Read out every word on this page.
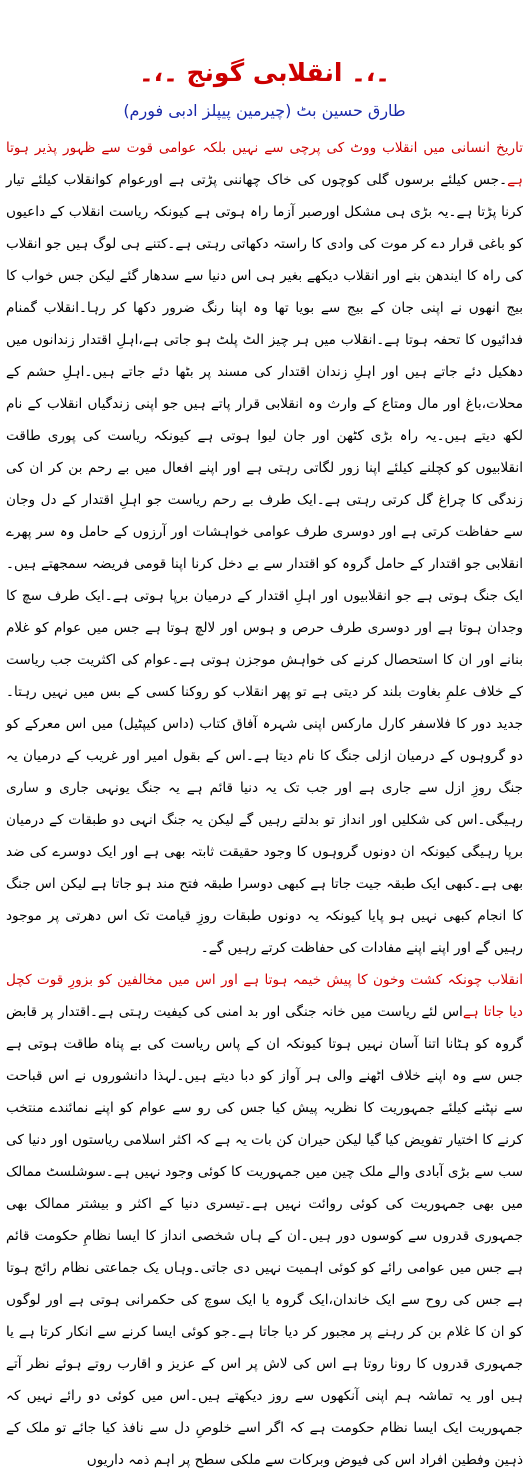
۔،۔ انقلابی گونج ۔،۔
طارق حسین بٹ (چیرمین پیپلز ادبی فورم)

تاریخ انسانی میں انقلاب ووٹ کی پرچی سے نہیں بلکہ عوامی قوت سے ظہور پذیر ہوتا ہے۔جس کیلئے برسوں گلی کوچوں کی خاک چھاننی پڑتی ہے اورعوام کوانقلاب کیلئے تیار کرنا پڑتا ہے۔یہ بڑی ہی مشکل اورصبر آزما راہ ہوتی ہے کیونکہ ریاست انقلاب کے داعیوں کو باغی قرار دے کر موت کی وادی کا راستہ دکھاتی رہتی ہے۔کتنے ہی لوگ ہیں جو انقلاب کی راہ کا ایندھن بنے اور انقلاب دیکھے بغیر ہی اس دنیا سے سدھار گئے لیکن جس خواب کا بیج انھوں نے اپنی جان کے بیج سے بویا تھا وہ اپنا رنگ ضرور دکھا کر رہا۔انقلاب گمنام فدائیوں کا تحفہ ہوتا ہے۔انقلاب میں ہر چیز الٹ پلٹ ہو جاتی ہے،اہلِ اقتدار زندانوں میں دھکیل دئے جاتے ہیں اور اہلِ زندان اقتدار کی مسند پر بٹھا دئے جاتے ہیں۔اہلِ حشم کے محلات،باغ اور مال ومتاع کے وارث وہ انقلابی قرار پاتے ہیں جو اپنی زندگیاں انقلاب کے نام لکھ دیتے ہیں۔یہ راہ بڑی کٹھن اور جان لیوا ہوتی ہے کیونکہ ریاست کی پوری طاقت انقلابیوں کو کچلنے کیلئے اپنا زور لگاتی رہتی ہے اور اپنے افعال میں بے رحم بن کر ان کی زندگی کا چراغ گل کرتی رہتی ہے۔ایک طرف بے رحم ریاست جو اہلِ اقتدار کے دل وجان سے حفاظت کرتی ہے اور دوسری طرف عوامی خواہشات اور آرزوں کے حامل وہ سر پھرے انقلابی جو اقتدار کے حامل گروہ کو اقتدار سے بے دخل کرنا اپنا قومی فریضہ سمجھتے ہیں۔ایک جنگ ہوتی ہے جو انقلابیوں اور اہلِ اقتدار کے درمیان برپا ہوتی ہے۔ایک طرف سچ کا وجدان ہوتا ہے اور دوسری طرف حرص و ہوس اور لالچ ہوتا ہے جس میں عوام کو غلام بنانے اور ان کا استحصال کرنے کی خواہش موجزن ہوتی ہے۔عوام کی اکثریت جب ریاست کے خلاف علمِ بغاوت بلند کر دیتی ہے تو پھر انقلاب کو روکنا کسی کے بس میں نہیں رہتا۔جدید دور کا فلاسفر کارل مارکس اپنی شہرہ آفاق کتاب (داس کیپٹیل) میں اس معرکے کو دو گروہوں کے درمیان ازلی جنگ کا نام دیتا ہے۔اس کے بقول امیر اور غریب کے درمیان یہ جنگ روزِ ازل سے جاری ہے اور جب تک یہ دنیا قائم ہے یہ جنگ یونہی جاری و ساری رہیگی۔اس کی شکلیں اور انداز تو بدلتے رہیں گے لیکن یہ جنگ انہی دو طبقات کے درمیان برپا رہیگی کیونکہ ان دونوں گروہوں کا وجود حقیقت ثابتہ بھی ہے اور ایک دوسرے کی ضد بھی ہے۔کبھی ایک طبقہ جیت جاتا ہے کبھی دوسرا طبقہ فتح مند ہو جاتا ہے لیکن اس جنگ کا انجام کبھی نہیں ہو پایا کیونکہ یہ دونوں طبقات روزِ قیامت تک اس دھرتی پر موجود رہیں گے اور اپنے اپنے مفادات کی حفاظت کرتے رہیں گے۔

انقلاب چونکہ کشت وخون کا پیش خیمہ ہوتا ہے اور اس میں مخالفین کو بزورِ قوت کچل دیا جاتا ہےاس لئے ریاست میں خانہ جنگی اور بد امنی کی کیفیت رہتی ہے۔اقتدار پر قابض گروہ کو ہٹانا اتنا آسان نہیں ہوتا کیونکہ ان کے پاس ریاست کی بے پناہ طاقت ہوتی ہے جس سے وہ اپنے خلاف اٹھنے والی ہر آواز کو دبا دیتے ہیں۔لہذا دانشوروں نے اس قباحت سے نپٹنے کیلئے جمہوریت کا نظریہ پیش کیا جس کی رو سے عوام کو اپنے نمائندے منتخب کرنے کا اختیار تفویض کیا گیا لیکن حیران کن بات یہ ہے کہ اکثر اسلامی ریاستوں اور دنیا کی سب سے بڑی آبادی والے ملک چین میں جمہوریت کا کوئی وجود نہیں ہے۔سوشلسٹ ممالک میں بھی جمہوریت کی کوئی روائت نہیں ہے۔تیسری دنیا کے اکثر و بیشتر ممالک بھی جمہوری قدروں سے کوسوں دور ہیں۔ان کے ہاں شخصی انداز کا ایسا نظامِ حکومت قائم ہے جس میں عوامی رائے کو کوئی اہمیت نہیں دی جاتی۔وہاں یک جماعتی نظام رائج ہوتا ہے جس کی روح سے ایک خاندان،ایک گروہ یا ایک سوچ کی حکمرانی ہوتی ہے اور لوگوں کو ان کا غلام بن کر رہنے پر مجبور کر دیا جاتا ہے۔جو کوئی ایسا کرنے سے انکار کرتا ہے یا جمہوری قدروں کا رونا روتا ہے اس کی لاش پر اس کے عزیز و اقارب روتے ہوئے نظر آتے ہیں اور یہ تماشہ ہم اپنی آنکھوں سے روز دیکھتے ہیں۔اس میں کوئی دو رائے نہیں کہ جمہوریت ایک ایسا نظام حکومت ہے کہ اگر اسے خلوصِ دل سے نافذ کیا جائے تو ملک کے ذہین وفطین افراد اس کی فیوض وبرکات سے ملکی سطح پر اہم ذمہ داریوں
